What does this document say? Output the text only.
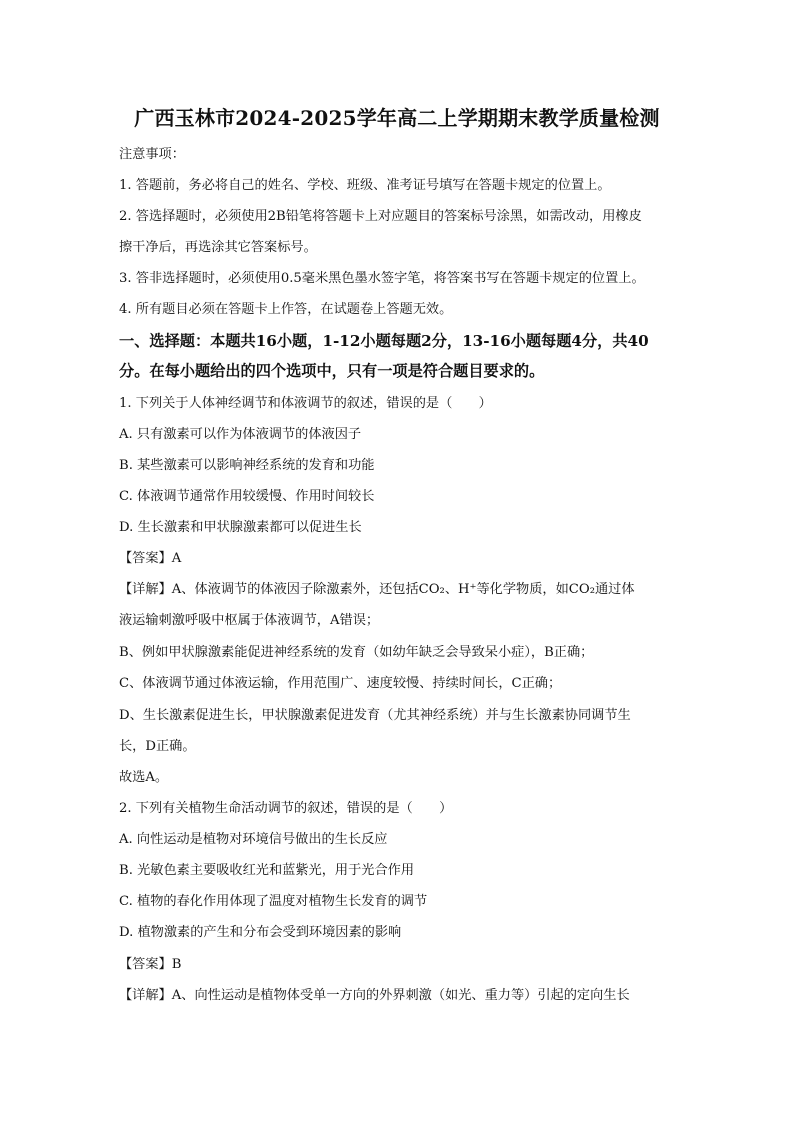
广西玉林市2024-2025学年高二上学期期末教学质量检测
注意事项：
1. 答题前，务必将自己的姓名、学校、班级、准考证号填写在答题卡规定的位置上。
2. 答选择题时，必须使用2B铅笔将答题卡上对应题目的答案标号涂黑，如需改动，用橡皮
擦干净后，再选涂其它答案标号。
3. 答非选择题时，必须使用0.5毫米黑色墨水签字笔，将答案书写在答题卡规定的位置上。
4. 所有题目必须在答题卡上作答，在试题卷上答题无效。
一、选择题：本题共16小题，1-12小题每题2分，13-16小题每题4分，共40
分。在每小题给出的四个选项中，只有一项是符合题目要求的。
1. 下列关于人体神经调节和体液调节的叙述，错误的是（　　）
A. 只有激素可以作为体液调节的体液因子
B. 某些激素可以影响神经系统的发育和功能
C. 体液调节通常作用较缓慢、作用时间较长
D. 生长激素和甲状腺激素都可以促进生长
【答案】A
【详解】A、体液调节的体液因子除激素外，还包括CO₂、H⁺等化学物质，如CO₂通过体
液运输刺激呼吸中枢属于体液调节，A错误；
B、例如甲状腺激素能促进神经系统的发育（如幼年缺乏会导致呆小症），B正确；
C、体液调节通过体液运输，作用范围广、速度较慢、持续时间长，C正确；
D、生长激素促进生长，甲状腺激素促进发育（尤其神经系统）并与生长激素协同调节生
长，D正确。
故选A。
2. 下列有关植物生命活动调节的叙述，错误的是（　　）
A. 向性运动是植物对环境信号做出的生长反应
B. 光敏色素主要吸收红光和蓝紫光，用于光合作用
C. 植物的春化作用体现了温度对植物生长发育的调节
D. 植物激素的产生和分布会受到环境因素的影响
【答案】B
【详解】A、向性运动是植物体受单一方向的外界刺激（如光、重力等）引起的定向生长
